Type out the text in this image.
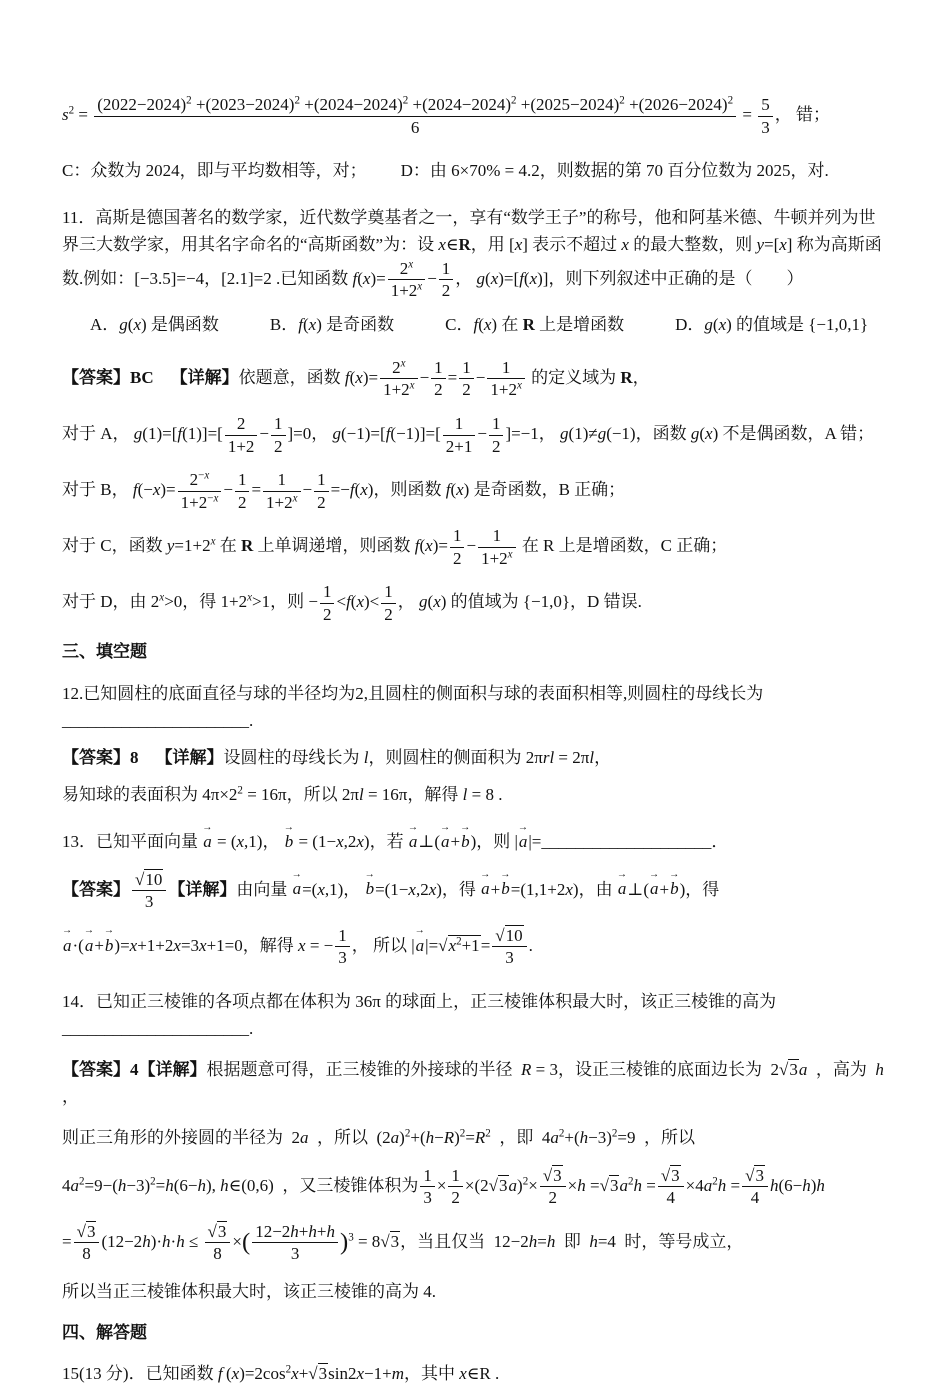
$s^2$ =
$(2022-2024)^2 +(2023-2024)^2 +(2024-2024)^2 +(2024-2024)^2 +(2025-2024)^2 +(2026-2024)^2$
6
= $\frac{5}{3}$ ， 错；
C：众数为 2024，即与平均数相等，对；  D：由 6×70% = 4.2，则数据的第 70 百分位数为 2025，对.
11．高斯是德国著名的数学家，近代数学奠基者之一，享有“数学王子”的称号，他和阿基米德、牛顿并列为世界三大数学家，用其名字命名的“高斯函数”为：设 x∈R，用 [x] 表示不超过 x 的最大整数，则 y=[x] 称为高斯函数.例如：[−3.5]=−4，[2.1]=2 .已知函数 $f(x)= \frac{2^x}{1+2^x} - \frac{1}{2}$ ， g(x)=[f(x)]，则下列叙述中正确的是（  ）
A．g(x) 是偶函数   B．f(x) 是奇函数   C．f(x) 在 R 上是增函数   D．g(x) 的值域是 {−1,0,1}
【答案】BC  【详解】依题意，函数 $f(x)= \frac{2^x}{1+2^x} - \frac{1}{2} = \frac{1}{2} - \frac{1}{1+2^x}$ 的定义域为 R，
对于 A， $g(1)=[f(1)]=[ \frac{2}{1+2} - \frac{1}{2} ]=0$， $g(-1)=[f(-1)]=[ \frac{1}{2+1} - \frac{1}{2} ]=-1$， g(1)≠g(−1)，函数 g(x) 不是偶函数，A 错；
对于 B， $f(-x)= \frac{2^{-x}}{1+2^{-x}} - \frac{1}{2} = \frac{1}{1+2^x} - \frac{1}{2} =-f(x)$，则函数 f(x) 是奇函数，B 正确；
对于 C，函数 $y=1+2^x$ 在 R 上单调递增，则函数 $f(x)= \frac{1}{2} - \frac{1}{1+2^x}$ 在 R 上是增函数，C 正确；
对于 D，由 $2^x>0$，得 $1+2^x>1$，则 − $\frac{1}{2} <f(x)< \frac{1}{2}$ ， g(x) 的值域为 {−1,0}，D 错误.
三、填空题
12.已知圆柱的底面直径与球的半径均为2,且圆柱的侧面积与球的表面积相等,则圆柱的母线长为______________________.
【答案】8  【详解】设圆柱的母线长为 l，则圆柱的侧面积为 2πrl = 2πl，
易知球的表面积为 $4\pi\times 2^2 = 16\pi$，所以 2πl = 16π，解得 l = 8 .
13．已知平面向量 a → = (x,1)， b → = (1−x,2x)，若 a →⊥(a →+b →)，则 |a →|=____________________．
【答案】 $\frac{√10}{3}$ 【详解】由向量 a →=(x,1)， b →=(1−x,2x)，得 a →+b →=(1,1+2x)，由 a →⊥(a →+b →)，得
a →·(a →+b →)=x+1+2x=3x+1=0，解得 x = − $\frac{1}{3}$ ， 所以 $|a \to|=√x^2+1= \frac{√10}{3}$ .
14．已知正三棱锥的各项点都在体积为 36π 的球面上，正三棱锥体积最大时，该正三棱锥的高为______________________.
【答案】4【详解】根据题意可得，正三棱锥的外接球的半径  R = 3，设正三棱锥的底面边长为  2√3a  ，高为  h  ，
则正三角形的外接圆的半径为  2a  ，所以  $(2a)^2+(h-R)^2=R^2$  ，即  $4a^2+(h-3)^2=9$  ，所以
$4a^2=9-(h-3)^2=h(6-h)$, h∈(0,6)  ，又三棱锥体积为 $\frac{1}{3} \times \frac{1}{2} \times(2√3a)^2\times \frac{√3}{2} \times h =√3a^2h = \frac{√3}{4} \times 4a^2h = \frac{√3}{4} h(6-h)h$
= $\frac{√3}{8} (12-2h)\cdot h\cdot h \le \frac{√3}{8}$ ×( $\frac{12-2h+h+h}{3} )^3 = 8√3$，当且仅当  12−2h=h  即  h=4  时，等号成立，
所以当正三棱锥体积最大时，该正三棱锥的高为 4.
四、解答题
15(13 分)．已知函数 f $(x)=2\cos^2x+√3\sin 2x-1+m$，其中 x∈R .
